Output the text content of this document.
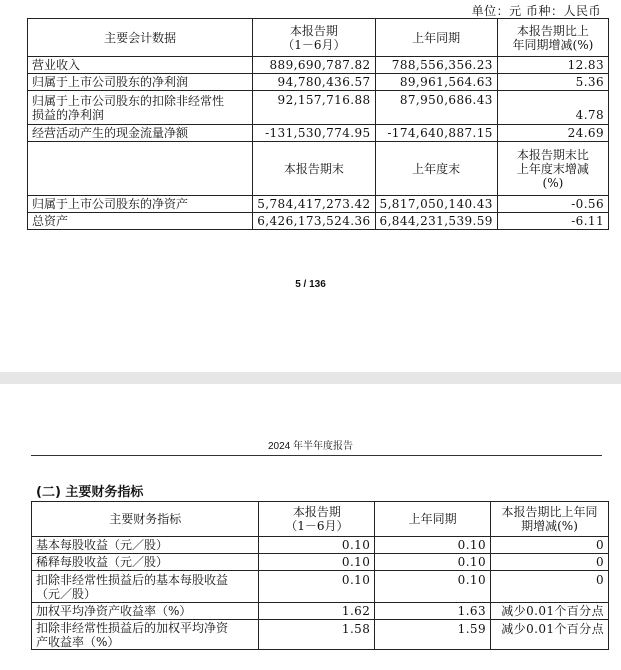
单位：元 币种：人民币
主要会计数据	本报告期
（1－6月）	上年同期	本报告期比上
年同期增减(%)
营业收入	889,690,787.82	788,556,356.23	12.83
归属于上市公司股东的净利润	94,780,436.57	89,961,564.63	5.36
归属于上市公司股东的扣除非经常性
损益的净利润	92,157,716.88	87,950,686.43	4.78
经营活动产生的现金流量净额	-131,530,774.95	-174,640,887.15	24.69
	本报告期末	上年度末	本报告期末比
上年度末增减
(%)
归属于上市公司股东的净资产	5,784,417,273.42	5,817,050,140.43	-0.56
总资产	6,426,173,524.36	6,844,231,539.59	-6.11
5 / 136
2024 年半年度报告
(二) 主要财务指标
主要财务指标	本报告期
（1－6月）	上年同期	本报告期比上年同
期增减(%)
基本每股收益（元／股）	0.10	0.10	0
稀释每股收益（元／股）	0.10	0.10	0
扣除非经常性损益后的基本每股收益
（元／股）	0.10	0.10	0
加权平均净资产收益率（%）	1.62	1.63	减少0.01个百分点
扣除非经常性损益后的加权平均净资
产收益率（%）	1.58	1.59	减少0.01个百分点
